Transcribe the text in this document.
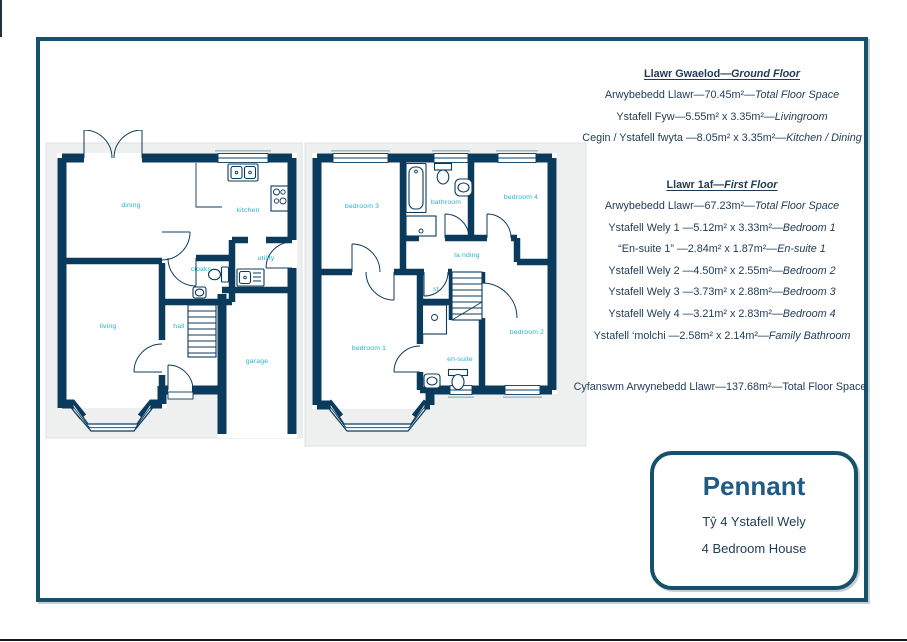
dining
kitchen
utility
cloaks
living	hall
garage
bedroom 3
bathroom
bedroom 4
la nding
st
bedroom 1
en-suite
bedroom 2
Llawr Gwaelod—Ground Floor
Arwybebedd Llawr—70.45m²—Total Floor Space
Ystafell Fyw—5.55m² x 3.35m²—Livingroom
Cegin / Ystafell fwyta —8.05m² x 3.35m²—Kitchen / Dining
Llawr 1af—First Floor
Arwybebedd Llawr—67.23m²—Total Floor Space
Ystafell Wely 1 —5.12m² x 3.33m²—Bedroom 1
“En-suite 1” —2.84m² x 1.87m²—En-suite 1
Ystafell Wely 2 —4.50m² x 2.55m²—Bedroom 2
Ystafell Wely 3 —3.73m² x 2.88m²—Bedroom 3
Ystafell Wely 4 —3.21m² x 2.83m²—Bedroom 4
Ystafell ‘molchi —2.58m² x 2.14m²—Family Bathroom
Cyfanswm Arwynebedd Llawr—137.68m²—Total Floor Space
Pennant
Tŷ 4 Ystafell Wely
4 Bedroom House
